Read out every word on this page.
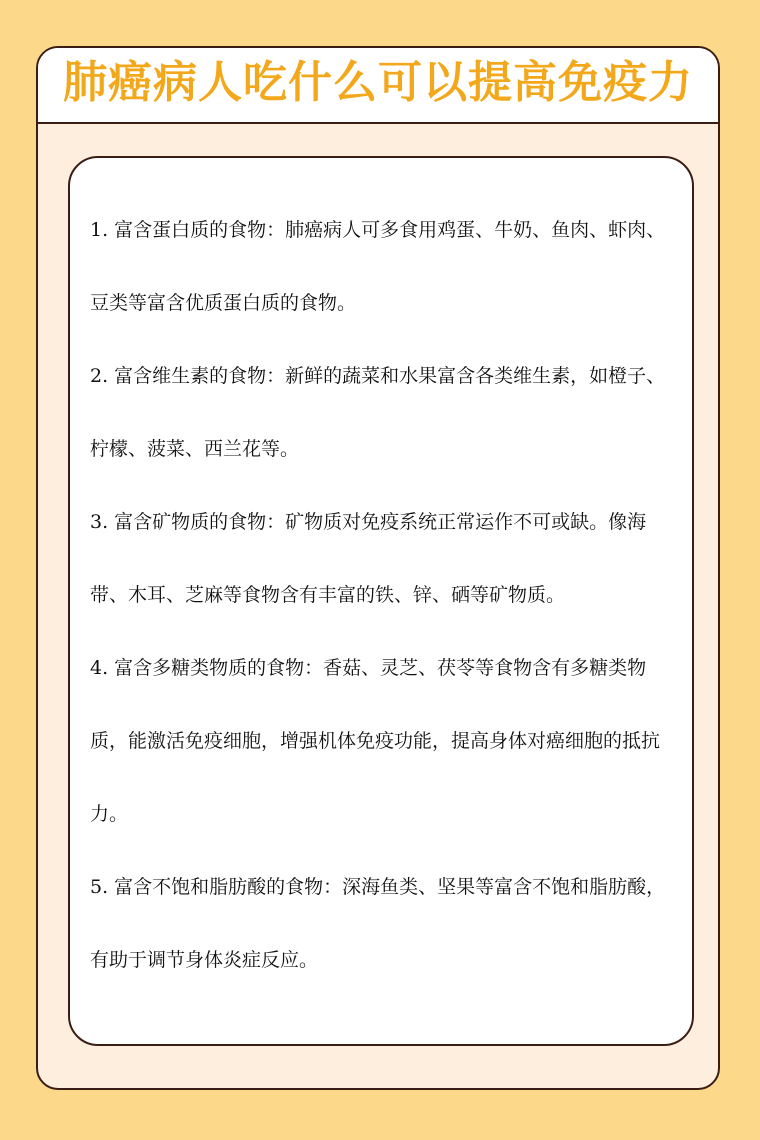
肺癌病人吃什么可以提高免疫力

1. 富含蛋白质的食物：肺癌病人可多食用鸡蛋、牛奶、鱼肉、虾肉、豆类等富含优质蛋白质的食物。

2. 富含维生素的食物：新鲜的蔬菜和水果富含各类维生素，如橙子、柠檬、菠菜、西兰花等。

3. 富含矿物质的食物：矿物质对免疫系统正常运作不可或缺。像海带、木耳、芝麻等食物含有丰富的铁、锌、硒等矿物质。

4. 富含多糖类物质的食物：香菇、灵芝、茯苓等食物含有多糖类物质，能激活免疫细胞，增强机体免疫功能，提高身体对癌细胞的抵抗力。

5. 富含不饱和脂肪酸的食物：深海鱼类、坚果等富含不饱和脂肪酸，有助于调节身体炎症反应。
